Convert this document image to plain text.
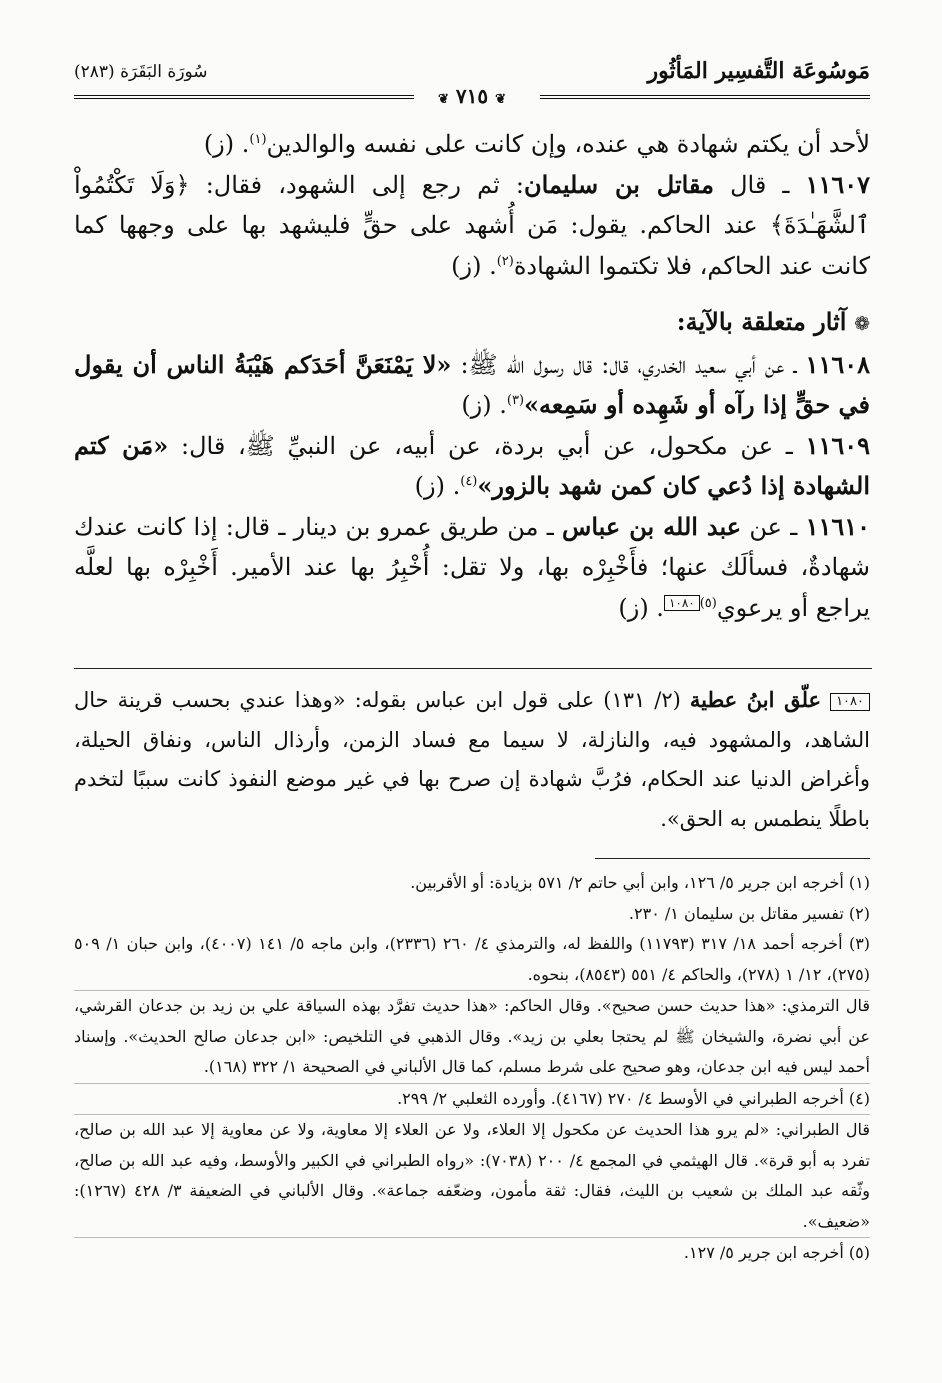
مَوسُوعَة التَّفسِير المَأثُور
سُورَة البَقَرَة (٢٨٣)
❦ ٧١٥ ❦

لأحد أن يكتم شهادة هي عنده، وإن كانت على نفسه والوالدين$^{(١)}$. (ز)

١١٦٠٧ ـ قال مقاتل بن سليمان: ثم رجع إلى الشهود، فقال: ﴿وَلَا تَكْتُمُواْ ٱلشَّهَـٰدَةَ﴾ عند الحاكم. يقول: مَن أُشهد على حقٍّ فليشهد بها على وجهها كما كانت عند الحاكم، فلا تكتموا الشهادة$^{(٢)}$. (ز)

❁ آثار متعلقة بالآية:

١١٦٠٨ ـ عن أبي سعيد الخدري، قال: قال رسول الله ﷺ: «لا يَمْنَعَنَّ أحَدَكم هَيْبَةُ الناس أن يقول في حقٍّ إذا رآه أو شَهِده أو سَمِعه»$^{(٣)}$. (ز)

١١٦٠٩ ـ عن مكحول، عن أبي بردة، عن أبيه، عن النبيِّ ﷺ، قال: «مَن كتم الشهادة إذا دُعي كان كمن شهد بالزور»$^{(٤)}$. (ز)

١١٦١٠ ـ عن عبد الله بن عباس ـ من طريق عمرو بن دينار ـ قال: إذا كانت عندك شهادةٌ، فسألَك عنها؛ فأَخْبِرْه بها، ولا تقل: أُخْبِرُ بها عند الأمير. أَخْبِرْه بها لعلَّه يراجع أو يرعوي$^{(٥)}$١٠٨٠. (ز)

١٠٨٠ علّق ابنُ عطية (٢/ ١٣١) على قول ابن عباس بقوله: «وهذا عندي بحسب قرينة حال الشاهد، والمشهود فيه، والنازلة، لا سيما مع فساد الزمن، وأرذال الناس، ونفاق الحيلة، وأغراض الدنيا عند الحكام، فرُبَّ شهادة إن صرح بها في غير موضع النفوذ كانت سببًا لتخدم باطلًا ينطمس به الحق».

(١) أخرجه ابن جرير ٥/ ١٢٦، وابن أبي حاتم ٢/ ٥٧١ بزيادة: أو الأقربين.

(٢) تفسير مقاتل بن سليمان ١/ ٢٣٠.

(٣) أخرجه أحمد ١٨/ ٣١٧ (١١٧٩٣) واللفظ له، والترمذي ٤/ ٢٦٠ (٢٣٣٦)، وابن ماجه ٥/ ١٤١ (٤٠٠٧)، وابن حبان ١/ ٥٠٩ (٢٧٥)، ١٢/ ١ (٢٧٨)، والحاكم ٤/ ٥٥١ (٨٥٤٣)، بنحوه.

قال الترمذي: «هذا حديث حسن صحيح». وقال الحاكم: «هذا حديث تفرَّد بهذه السياقة علي بن زيد بن جدعان القرشي، عن أبي نضرة، والشيخان ﷺ لم يحتجا بعلي بن زيد». وقال الذهبي في التلخيص: «ابن جدعان صالح الحديث». وإسناد أحمد ليس فيه ابن جدعان، وهو صحيح على شرط مسلم، كما قال الألباني في الصحيحة ١/ ٣٢٢ (١٦٨).

(٤) أخرجه الطبراني في الأوسط ٤/ ٢٧٠ (٤١٦٧). وأورده الثعلبي ٢/ ٢٩٩.

قال الطبراني: «لم يرو هذا الحديث عن مكحول إلا العلاء، ولا عن العلاء إلا معاوية، ولا عن معاوية إلا عبد الله بن صالح، تفرد به أبو قرة». قال الهيثمي في المجمع ٤/ ٢٠٠ (٧٠٣٨): «رواه الطبراني في الكبير والأوسط، وفيه عبد الله بن صالح، وثّقه عبد الملك بن شعيب بن الليث، فقال: ثقة مأمون، وضعّفه جماعة». وقال الألباني في الضعيفة ٣/ ٤٢٨ (١٢٦٧): «ضعيف».

(٥) أخرجه ابن جرير ٥/ ١٢٧.
